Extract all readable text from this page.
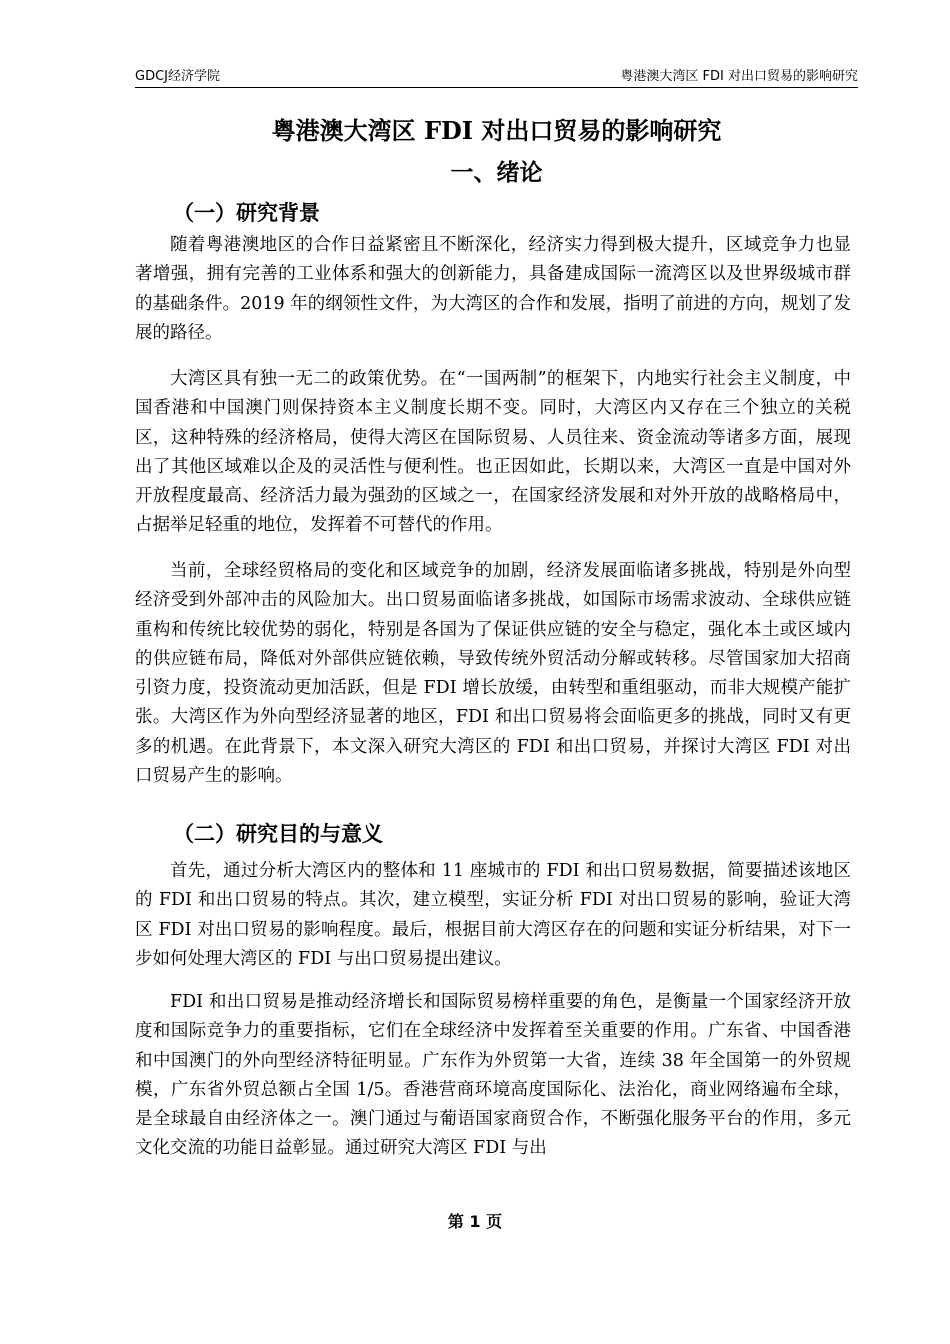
GDCJ经济学院	粤港澳大湾区 FDI 对出口贸易的影响研究
粤港澳大湾区 FDI 对出口贸易的影响研究
一、绪论
（一）研究背景

随着粤港澳地区的合作日益紧密且不断深化，经济实力得到极大提升，区域竞争力也显著增强，拥有完善的工业体系和强大的创新能力，具备建成国际一流湾区以及世界级城市群的基础条件。2019 年的纲领性文件，为大湾区的合作和发展，指明了前进的方向，规划了发展的路径。

大湾区具有独一无二的政策优势。在“一国两制”的框架下，内地实行社会主义制度，中国香港和中国澳门则保持资本主义制度长期不变。同时，大湾区内又存在三个独立的关税区，这种特殊的经济格局，使得大湾区在国际贸易、人员往来、资金流动等诸多方面，展现出了其他区域难以企及的灵活性与便利性。也正因如此，长期以来，大湾区一直是中国对外开放程度最高、经济活力最为强劲的区域之一，在国家经济发展和对外开放的战略格局中，占据举足轻重的地位，发挥着不可替代的作用。

当前，全球经贸格局的变化和区域竞争的加剧，经济发展面临诸多挑战，特别是外向型经济受到外部冲击的风险加大。出口贸易面临诸多挑战，如国际市场需求波动、全球供应链重构和传统比较优势的弱化，特别是各国为了保证供应链的安全与稳定，强化本土或区域内的供应链布局，降低对外部供应链依赖，导致传统外贸活动分解或转移。尽管国家加大招商引资力度，投资流动更加活跃，但是 FDI 增长放缓，由转型和重组驱动，而非大规模产能扩张。大湾区作为外向型经济显著的地区，FDI 和出口贸易将会面临更多的挑战，同时又有更多的机遇。在此背景下，本文深入研究大湾区的 FDI 和出口贸易，并探讨大湾区 FDI 对出口贸易产生的影响。

（二）研究目的与意义

首先，通过分析大湾区内的整体和 11 座城市的 FDI 和出口贸易数据，简要描述该地区的 FDI 和出口贸易的特点。其次，建立模型，实证分析 FDI 对出口贸易的影响，验证大湾区 FDI 对出口贸易的影响程度。最后，根据目前大湾区存在的问题和实证分析结果，对下一步如何处理大湾区的 FDI 与出口贸易提出建议。

FDI 和出口贸易是推动经济增长和国际贸易榜样重要的角色，是衡量一个国家经济开放度和国际竞争力的重要指标，它们在全球经济中发挥着至关重要的作用。广东省、中国香港和中国澳门的外向型经济特征明显。广东作为外贸第一大省，连续 38 年全国第一的外贸规模，广东省外贸总额占全国 1/5。香港营商环境高度国际化、法治化，商业网络遍布全球，是全球最自由经济体之一。澳门通过与葡语国家商贸合作，不断强化服务平台的作用，多元文化交流的功能日益彰显。通过研究大湾区 FDI 与出

第 1 页
